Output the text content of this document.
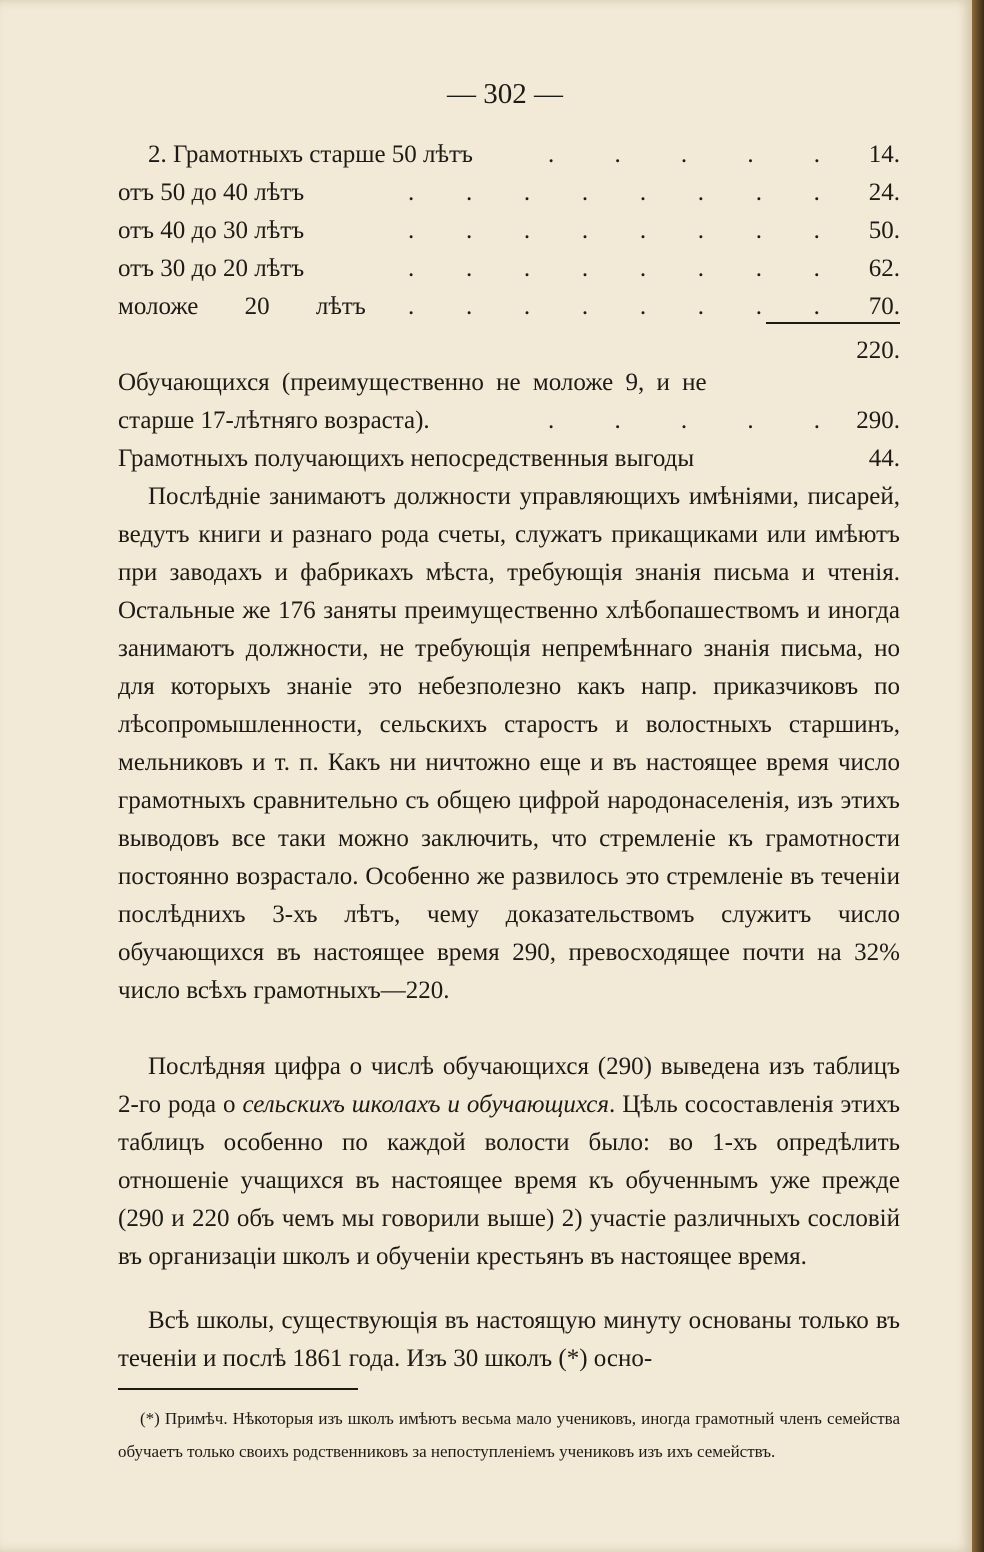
— 302 —
2. Грамотныхъ старше 50 лѣтъ	. . . . . 14.
отъ 50 до 40 лѣтъ	. . . . . . . . 24.
отъ 40 до 30 лѣтъ	. . . . . . . . 50.
отъ 30 до 20 лѣтъ	. . . . . . . . 62.
моложе 20 лѣтъ . . . . . . . . 70.
220.
Обучающихся (преимущественно не моложе 9, и не
старше 17-лѣтняго возраста).	. . . . . 290.
Грамотныхъ получающихъ непосредственныя выгоды	44.

Послѣдніе занимаютъ должности управляющихъ имѣніями, писарей, ведутъ книги и разнаго рода счеты, служатъ прикащиками или имѣютъ при заводахъ и фабрикахъ мѣста, требующія знанія письма и чтенія. Остальные же 176 заняты преимущественно хлѣбопашествомъ и иногда занимаютъ должности, не требующія непремѣннаго знанія письма, но для которыхъ знаніе это небезполезно какъ напр. приказчиковъ по лѣсопромышленности, сельскихъ старостъ и волостныхъ старшинъ, мельниковъ и т. п. Какъ ни ничтожно еще и въ настоящее время число грамотныхъ сравнительно съ общею цифрой народонаселенія, изъ этихъ выводовъ все таки можно заключить, что стремленіе къ грамотности постоянно возрастало. Особенно же развилось это стремленіе въ теченіи послѣднихъ 3-хъ лѣтъ, чему доказательствомъ служитъ число обучающихся въ настоящее время 290, превосходящее почти на 32% число всѣхъ грамотныхъ—220.

Послѣдняя цифра о числѣ обучающихся (290) выведена изъ таблицъ 2-го рода о сельскихъ школахъ и обучающихся. Цѣль сосоставленія этихъ таблицъ особенно по каждой волости было: во 1-хъ опредѣлить отношеніе учащихся въ настоящее время къ обученнымъ уже прежде (290 и 220 объ чемъ мы говорили выше) 2) участіе различныхъ сословій въ организаціи школъ и обученіи крестьянъ въ настоящее время.

Всѣ школы, существующія въ настоящую минуту основаны только въ теченіи и послѣ 1861 года. Изъ 30 школъ (*) осно-

(*) Примѣч. Нѣкоторыя изъ школъ имѣютъ весьма мало учениковъ, иногда грамотный членъ семейства обучаетъ только своихъ родственниковъ за непоступленіемъ учениковъ изъ ихъ семействъ.
